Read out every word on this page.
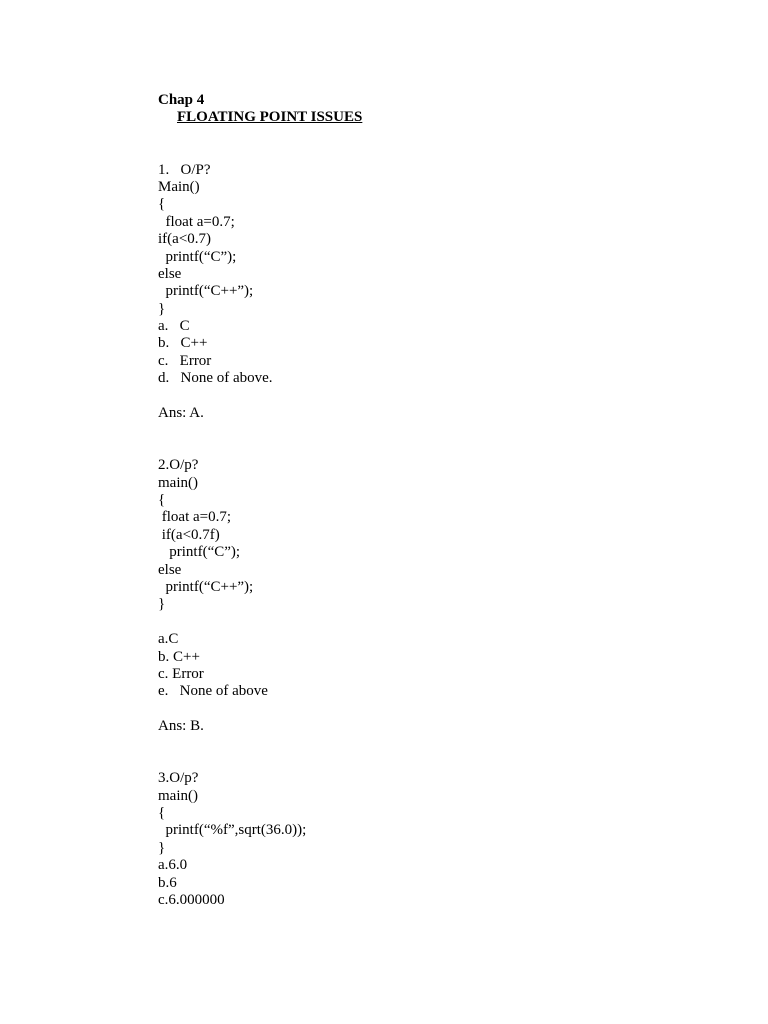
Chap 4
FLOATING POINT ISSUES
1.   O/P?
Main()
{
float a=0.7;
if(a<0.7)
printf(“C”);
else
printf(“C++”);
}
a.   C
b.   C++
c.   Error
d.   None of above.
Ans: A.
2.O/p?
main()
{
float a=0.7;
if(a<0.7f)
printf(“C”);
else
printf(“C++”);
}
a.C
b. C++
c. Error
e.   None of above
Ans: B.
3.O/p?
main()
{
printf(“%f”,sqrt(36.0));
}
a.6.0
b.6
c.6.000000
